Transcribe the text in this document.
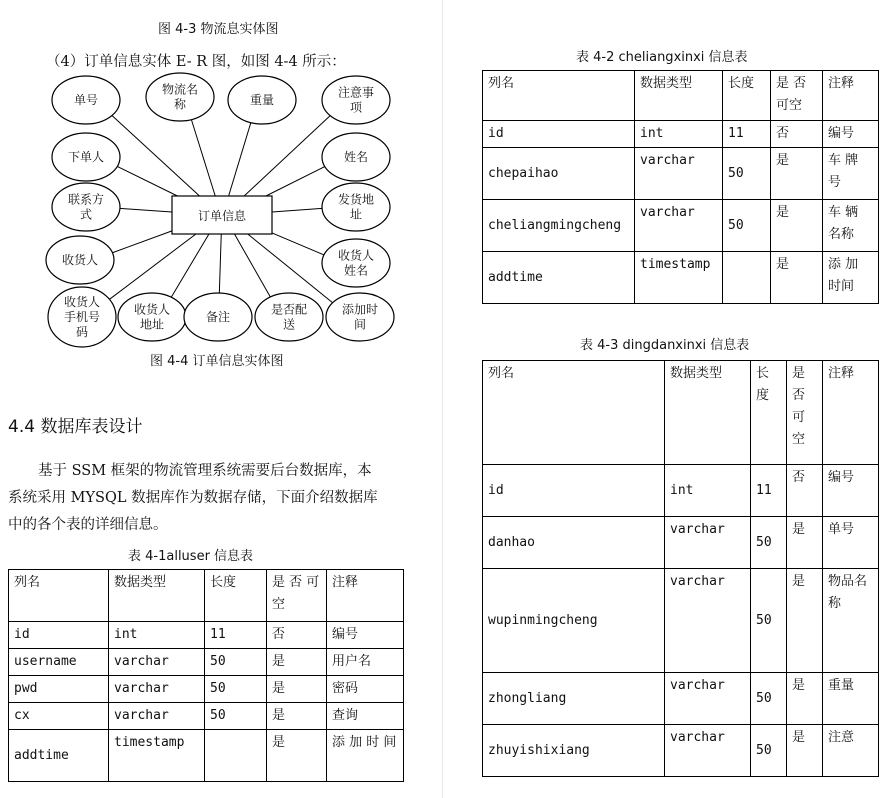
图 4-3 物流息实体图
（4）订单信息实体 E- R 图，如图 4-4 所示：
单号
物流名
称	重量
注意事
项
下单人	姓名
联系方
式
发货地
址
收货人	收货人
姓名
收货人
手机号
码
收货人
地址
备注
是否配
送
添加时
间
订单信息
图 4-4 订单信息实体图
4.4 数据库表设计
基于 SSM 框架的物流管理系统需要后台数据库，本
系统采用 MYSQL 数据库作为数据存储，下面介绍数据库
中的各个表的详细信息。
表 4-1alluser 信息表
列名	数据类型	长度	是 否 可空	注释
id	int	11	否	编号
username	varchar	50	是	用户名
pwd	varchar	50	是	密码
cx	varchar	50	是	查询
addtime	timestamp		是	添 加 时 间
表 4-2 cheliangxinxi 信息表
列名	数据类型	长度	是 否 可空	注释
id	int	11	否	编号
chepaihao	varchar	50	是	车 牌 号
cheliangmingcheng	varchar	50	是	车 辆 名称
addtime	timestamp		是	添 加 时间
表 4-3 dingdanxinxi 信息表
列名	数据类型	长度	是否可空	注释
id	int	11	否	编号
danhao	varchar	50	是	单号
wupinmingcheng	varchar	50	是	物品名称
zhongliang	varchar	50	是	重量
zhuyishixiang	varchar	50	是	注意
